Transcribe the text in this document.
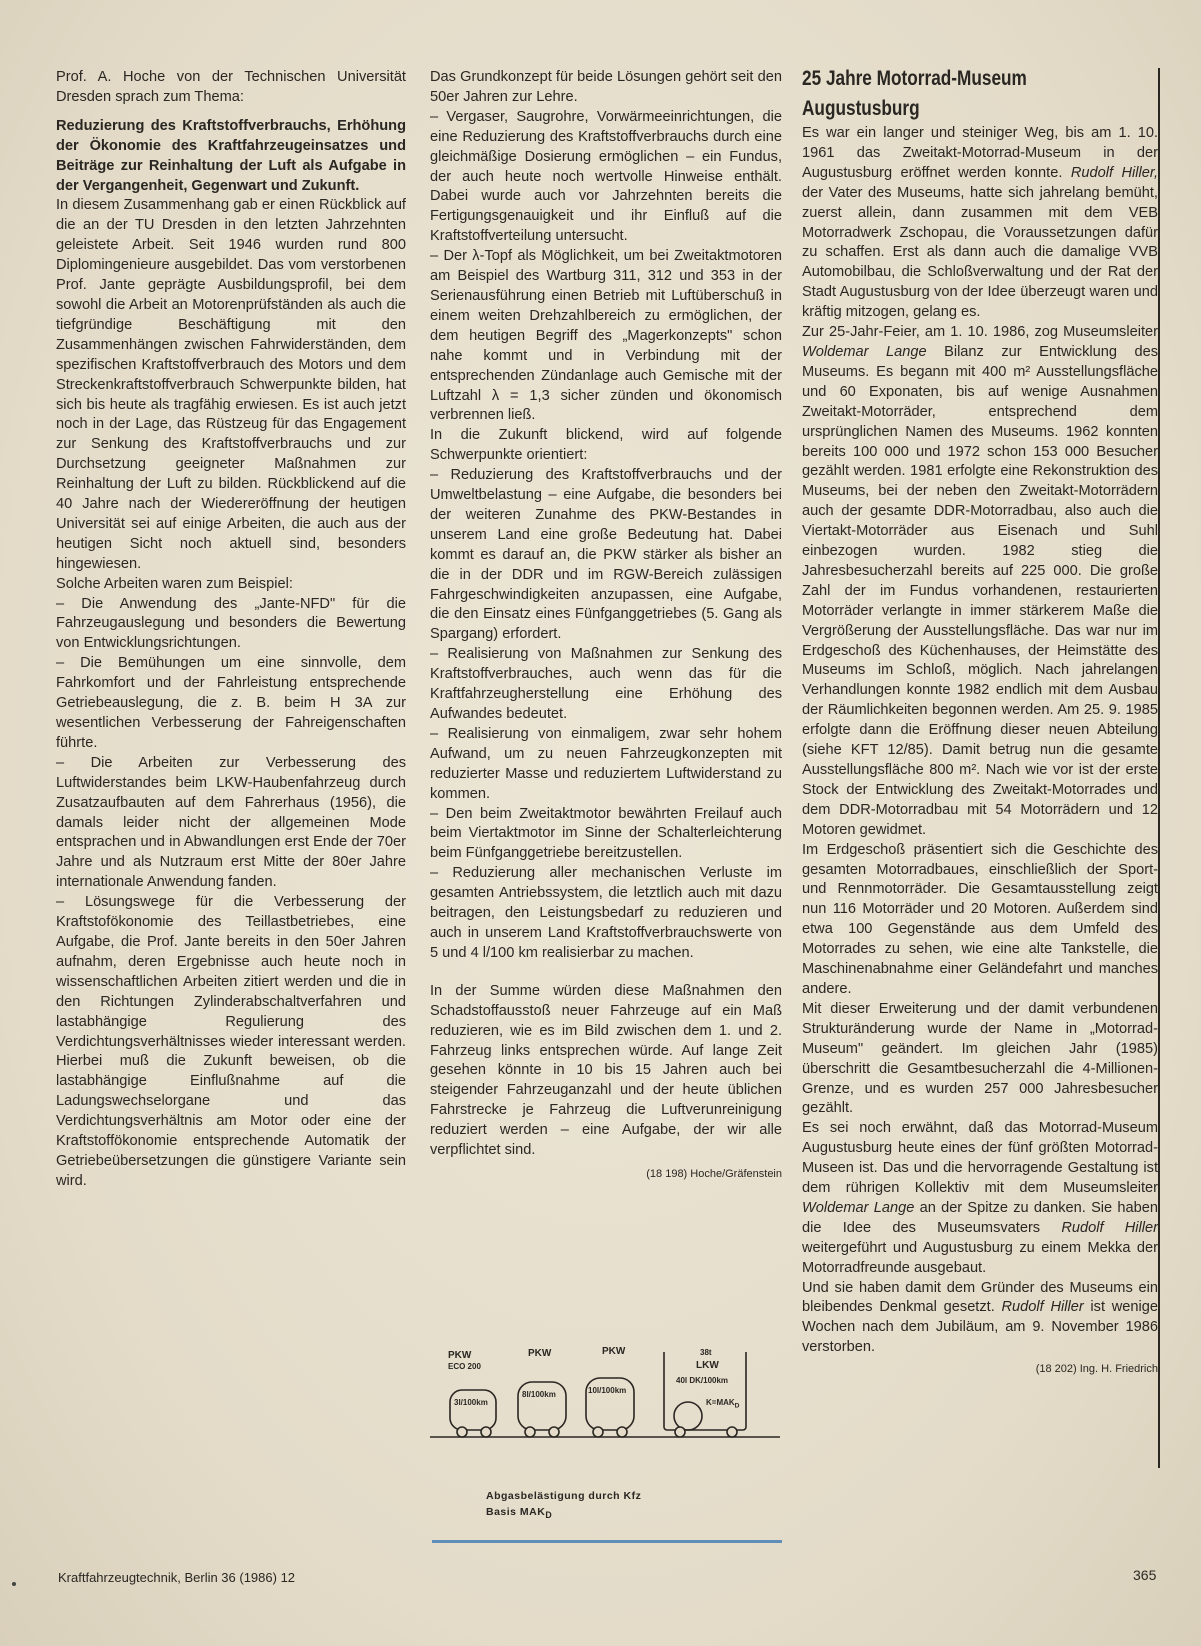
Prof. A. Hoche von der Technischen Universität Dresden sprach zum Thema:

Reduzierung des Kraftstoffverbrauchs, Erhöhung der Ökonomie des Kraftfahrzeugeinsatzes und Beiträge zur Reinhaltung der Luft als Aufgabe in der Vergangenheit, Gegenwart und Zukunft.

In diesem Zusammenhang gab er einen Rückblick auf die an der TU Dresden in den letzten Jahrzehnten geleistete Arbeit. Seit 1946 wurden rund 800 Diplomingenieure ausgebildet. Das vom verstorbenen Prof. Jante geprägte Ausbildungsprofil, bei dem sowohl die Arbeit an Motorenprüfständen als auch die tiefgründige Beschäftigung mit den Zusammenhängen zwischen Fahrwiderständen, dem spezifischen Kraftstoffverbrauch des Motors und dem Streckenkraftstoffverbrauch Schwerpunkte bilden, hat sich bis heute als tragfähig erwiesen. Es ist auch jetzt noch in der Lage, das Rüstzeug für das Engagement zur Senkung des Kraftstoffverbrauchs und zur Durchsetzung geeigneter Maßnahmen zur Reinhaltung der Luft zu bilden. Rückblickend auf die 40 Jahre nach der Wiedereröffnung der heutigen Universität sei auf einige Arbeiten, die auch aus der heutigen Sicht noch aktuell sind, besonders hingewiesen.

Solche Arbeiten waren zum Beispiel:

– Die Anwendung des „Jante-NFD" für die Fahrzeugauslegung und besonders die Bewertung von Entwicklungsrichtungen.

– Die Bemühungen um eine sinnvolle, dem Fahrkomfort und der Fahrleistung entsprechende Getriebeauslegung, die z. B. beim H 3A zur wesentlichen Verbesserung der Fahreigenschaften führte.

– Die Arbeiten zur Verbesserung des Luftwiderstandes beim LKW-Haubenfahrzeug durch Zusatzaufbauten auf dem Fahrerhaus (1956), die damals leider nicht der allgemeinen Mode entsprachen und in Abwandlungen erst Ende der 70er Jahre und als Nutzraum erst Mitte der 80er Jahre internationale Anwendung fanden.

– Lösungswege für die Verbesserung der Kraftstofökonomie des Teillastbetriebes, eine Aufgabe, die Prof. Jante bereits in den 50er Jahren aufnahm, deren Ergebnisse auch heute noch in wissenschaftlichen Arbeiten zitiert werden und die in den Richtungen Zylinderabschaltverfahren und lastabhängige Regulierung des Verdichtungsverhältnisses wieder interessant werden. Hierbei muß die Zukunft beweisen, ob die lastabhängige Einflußnahme auf die Ladungswechselorgane und das Verdichtungsverhältnis am Motor oder eine der Kraftstoffökonomie entsprechende Automatik der Getriebeübersetzungen die günstigere Variante sein wird.

Das Grundkonzept für beide Lösungen gehört seit den 50er Jahren zur Lehre.

– Vergaser, Saugrohre, Vorwärmeeinrichtungen, die eine Reduzierung des Kraftstoffverbrauchs durch eine gleichmäßige Dosierung ermöglichen – ein Fundus, der auch heute noch wertvolle Hinweise enthält. Dabei wurde auch vor Jahrzehnten bereits die Fertigungsgenauigkeit und ihr Einfluß auf die Kraftstoffverteilung untersucht.

– Der λ-Topf als Möglichkeit, um bei Zweitaktmotoren am Beispiel des Wartburg 311, 312 und 353 in der Serienausführung einen Betrieb mit Luftüberschuß in einem weiten Drehzahlbereich zu ermöglichen, der dem heutigen Begriff des „Magerkonzepts" schon nahe kommt und in Verbindung mit der entsprechenden Zündanlage auch Gemische mit der Luftzahl λ = 1,3 sicher zünden und ökonomisch verbrennen ließ.

In die Zukunft blickend, wird auf folgende Schwerpunkte orientiert:

– Reduzierung des Kraftstoffverbrauchs und der Umweltbelastung – eine Aufgabe, die besonders bei der weiteren Zunahme des PKW-Bestandes in unserem Land eine große Bedeutung hat. Dabei kommt es darauf an, die PKW stärker als bisher an die in der DDR und im RGW-Bereich zulässigen Fahrgeschwindigkeiten anzupassen, eine Aufgabe, die den Einsatz eines Fünfganggetriebes (5. Gang als Spargang) erfordert.

– Realisierung von Maßnahmen zur Senkung des Kraftstoffverbrauches, auch wenn das für die Kraftfahrzeugherstellung eine Erhöhung des Aufwandes bedeutet.

– Realisierung von einmaligem, zwar sehr hohem Aufwand, um zu neuen Fahrzeugkonzepten mit reduzierter Masse und reduziertem Luftwiderstand zu kommen.

– Den beim Zweitaktmotor bewährten Freilauf auch beim Viertaktmotor im Sinne der Schalterleichterung beim Fünfganggetriebe bereitzustellen.

– Reduzierung aller mechanischen Verluste im gesamten Antriebssystem, die letztlich auch mit dazu beitragen, den Leistungsbedarf zu reduzieren und auch in unserem Land Kraftstoffverbrauchswerte von 5 und 4 l/100 km realisierbar zu machen.

In der Summe würden diese Maßnahmen den Schadstoffausstoß neuer Fahrzeuge auf ein Maß reduzieren, wie es im Bild zwischen dem 1. und 2. Fahrzeug links entsprechen würde. Auf lange Zeit gesehen könnte in 10 bis 15 Jahren auch bei steigender Fahrzeuganzahl und der heute üblichen Fahrstrecke je Fahrzeug die Luftverunreinigung reduziert werden – eine Aufgabe, der wir alle verpflichtet sind.

(18 198) Hoche/Gräfenstein

PKW
ECO 200
3l/100km
PKW
8l/100km
PKW
10l/100km
38t
LKW
40l DK/100km
$K=MAK_D$
Abgasbelästigung durch Kfz
Basis $MAK_D$

25 Jahre Motorrad-Museum

Augustusburg

Es war ein langer und steiniger Weg, bis am 1. 10. 1961 das Zweitakt-Motorrad-Museum in der Augustusburg eröffnet werden konnte. Rudolf Hiller, der Vater des Museums, hatte sich jahrelang bemüht, zuerst allein, dann zusammen mit dem VEB Motorradwerk Zschopau, die Voraussetzungen dafür zu schaffen. Erst als dann auch die damalige VVB Automobilbau, die Schloßverwaltung und der Rat der Stadt Augustusburg von der Idee überzeugt waren und kräftig mitzogen, gelang es.

Zur 25-Jahr-Feier, am 1. 10. 1986, zog Museumsleiter Woldemar Lange Bilanz zur Entwicklung des Museums. Es begann mit 400 m² Ausstellungsfläche und 60 Exponaten, bis auf wenige Ausnahmen Zweitakt-Motorräder, entsprechend dem ursprünglichen Namen des Museums. 1962 konnten bereits 100 000 und 1972 schon 153 000 Besucher gezählt werden. 1981 erfolgte eine Rekonstruktion des Museums, bei der neben den Zweitakt-Motorrädern auch der gesamte DDR-Motorradbau, also auch die Viertakt-Motorräder aus Eisenach und Suhl einbezogen wurden. 1982 stieg die Jahresbesucherzahl bereits auf 225 000. Die große Zahl der im Fundus vorhandenen, restaurierten Motorräder verlangte in immer stärkerem Maße die Vergrößerung der Ausstellungsfläche. Das war nur im Erdgeschoß des Küchenhauses, der Heimstätte des Museums im Schloß, möglich. Nach jahrelangen Verhandlungen konnte 1982 endlich mit dem Ausbau der Räumlichkeiten begonnen werden. Am 25. 9. 1985 erfolgte dann die Eröffnung dieser neuen Abteilung (siehe KFT 12/85). Damit betrug nun die gesamte Ausstellungsfläche 800 m². Nach wie vor ist der erste Stock der Entwicklung des Zweitakt-Motorrades und dem DDR-Motorradbau mit 54 Motorrädern und 12 Motoren gewidmet.

Im Erdgeschoß präsentiert sich die Geschichte des gesamten Motorradbaues, einschließlich der Sport- und Rennmotorräder. Die Gesamtausstellung zeigt nun 116 Motorräder und 20 Motoren. Außerdem sind etwa 100 Gegenstände aus dem Umfeld des Motorrades zu sehen, wie eine alte Tankstelle, die Maschinenabnahme einer Geländefahrt und manches andere.

Mit dieser Erweiterung und der damit verbundenen Strukturänderung wurde der Name in „Motorrad-Museum" geändert. Im gleichen Jahr (1985) überschritt die Gesamtbesucherzahl die 4-Millionen-Grenze, und es wurden 257 000 Jahresbesucher gezählt.

Es sei noch erwähnt, daß das Motorrad-Museum Augustusburg heute eines der fünf größten Motorrad-Museen ist. Das und die hervorragende Gestaltung ist dem rührigen Kollektiv mit dem Museumsleiter Woldemar Lange an der Spitze zu danken. Sie haben die Idee des Museumsvaters Rudolf Hiller weitergeführt und Augustusburg zu einem Mekka der Motorradfreunde ausgebaut.

Und sie haben damit dem Gründer des Museums ein bleibendes Denkmal gesetzt. Rudolf Hiller ist wenige Wochen nach dem Jubiläum, am 9. November 1986 verstorben.

(18 202) Ing. H. Friedrich

Kraftfahrzeugtechnik, Berlin 36 (1986) 12	365
